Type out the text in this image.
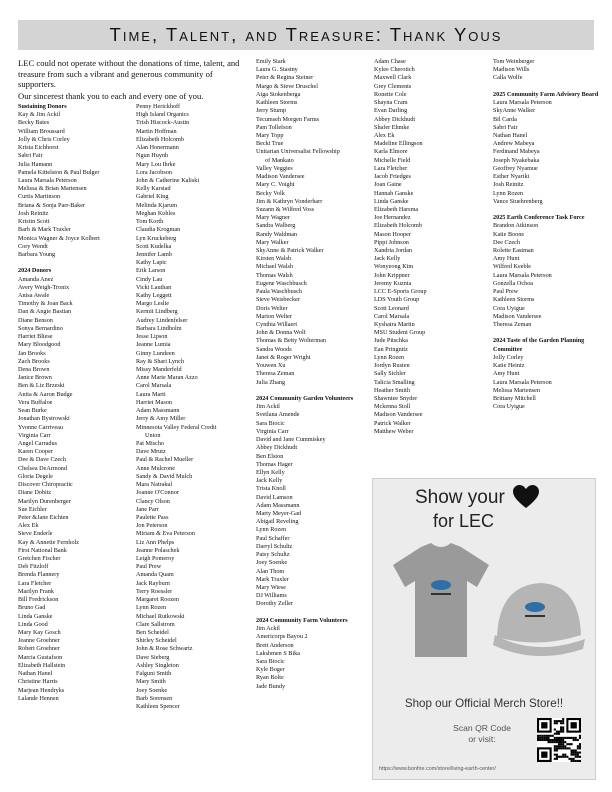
Time, Talent, and Treasure: Thank Yous

LEC could not operate without the donations of time, talent, and treasure from such a vibrant and generous community of supporters.

Our sincerest thank you to each and every one of you.

Sustaining Donors
Kay & Jim Ackil
Becky Bates
William Broussard
Jolly & Chris Corley
Krista Eichhorst
Sabri Fair
Julia Hamann
Pamela Kittelston & Paul Bulger
Laura Marsala Peterson
Melissa & Brian Martensen
Curtis Martinson
Briana & Sonja Parr-Baker
Josh Reinitz
Kristin Scott
Barb & Mark Traxler
Monica Wagner & Joyce Kolbert
Cory Wendt
Barbara Young
2024 Donors
Amanda Anez
Avery Weigh-Tronix
Anisa Awale
Timothy & Joan Back
Dan & Angie Bastian
Diane Benson
Sonya Bernardino
Harriet Bliese
Mary Bloodgood
Jan Brooks
Zach Brooks
Dena Brown
Janice Brown
Ben & Liz Brzeski
Anita & Aaron Budge
Vera Buffaloe
Sean Burke
Jonathan Bystrowski
Yvonne Carriveau
Virginia Carr
Angel Carradus
Karen Cooper
Dee & Dave Czech
Chelsea DeArmond
Gloria Degele
Discover Chiropractic
Diane Dobitz
Marilyn Durenberger
Sue Eichler
Peter &Jane Eichten
Alex Ek
Steve Enderle
Kay & Annette Fernholz
First National Bank
Gretchen Fischer
Deb Fitzloff
Brenda Flannery
Lara Fletcher
Marilyn Frank
Bill Fredrickson
Bruno Gad
Linda Ganske
Linda Good
Mary Kay Gosch
Jeanne Groehner
Robert Groehner
Marcia Gustafson
Elizabeth Hallstein
Nathan Hanel
Christine Harris
Marjean Hendryks
Lalande Hennen
Penny Herickhoff
High Island Organics
Trish Hiscock-Austin
Martin Hoffman
Elizabeth Holcomb
Alan Honermann
Ngun Huynh
Mary Lou Ihrke
Lora Jacobson
John & Catherine Kaliski
Kelly Karstad
Gabriel King
Melinda Kjarum
Meghan Kohles
Tom Korth
Claudia Krogman
Lyn Kruckeberg
Scott Kudelka
Jennifer Lamb
Kathy Lapic
Erik Larson
Cindy Lau
Vicki Lauthan
Kathy Leggett
Margo Leslie
Kermit Lindberg
Audrey Lindenfelser
Barbara Lindholm
Jesse Lipson
Jeanne Lumia
Ginny Lundeen
Ray & Shari Lynch
Missy Manderfeld
Anne Marie Maran Azzo
Carol Marsala
Laura Marti
Harriet Mason
Adam Massmann
Jerry & Amy Miller
Minnesota Valley Federal Credit
Union
Pat Mischo
Dave Mrutz
Paul & Rachel Mueller
Anne Mulcrone
Sandy & David Mulch
Mara Natrakul
Joanne O'Connor
Clancy Olson
Jane Parr
Paulette Pass
Jon Peterson
Miriam & Eva Peterson
Liz Ann Phelps
Jeanne Polaschek
Leigh Pomeroy
Paul Prew
Amanda Quam
Jack Rayburn
Terry Roessler
Margaret Roozen
Lynn Rozen
Michael Rutkowski
Clare Sallstrom
Ben Scheidel
Shirley Scheidel
John & Rose Schwartz
Dave Sieberg
Ashley Singleton
Falguni Smith
Mary Smith
Joey Soenke
Barb Sorensen
Kathleen Spencer
Emily Stark
Laura G. Stastny
Peter & Regina Steiner
Margo & Steve Druschel
Aiga Stokenberga
Kathleen Storms
Jerry Stump
Tecumseh Morgen Farms
Pam Tollefson
Mary Topp
Becki True
Unitarian Universalist Fellowship
of Mankato
Valley Veggies
Madison Vandersee
Mary C. Voight
Becky Volk
Jim & Kathryn Vonderharr
Suzann & Wilfred Voss
Mary Wagner
Sandra Walberg
Randy Waldman
Mary Walker
SkyAnne & Patrick Walker
Kirsten Walsh
Michael Walsh
Thomas Walsh
Eugene Waschbusch
Paula Waschbusch
Steve Weisbecker
Doris Welter
Marion Welter
Cynthia Willaert
John & Donna Wolf
Thomas & Betty Wolterman
Sandra Woods
Janet & Roger Wright
Youwen Xu
Theresa Zeman
Julia Zhang
2024 Community Garden Volunteers
Jim Ackil
Svetlana Amende
Sara Biocic
Virginia Carr
David and Jane Cummiskey
Abbey Dickhudt
Ben Elston
Thomas Hager
Ellyn Kelly
Jack Kelly
Trista Knoll
David Lamson
Adam Massmann
Marty Meyer-Gad
Abigail Reveling
Lynn Rozen
Paul Schaffer
Darryl Schultz
Patsy Schultz
Joey Soenke
Alan Thom
Mark Traxler
Mary Wiese
DJ Williams
Dorothy Zeller
2024 Community Farm Volunteers
Jim Ackil
Americorps Bayou 2
Brett Anderson
Lakshmen S Bika
Sara Biocic
Kyle Boger
Ryan Bolte
Jade Bundy
Adam Chase
Kylee Cherotich
Maxwell Clark
Grey Clements
Ronette Cole
Shayna Cram
Evan Darling
Abbey Dickhudt
Shafer Ehmke
Alex Ek
Madeline Ellingson
Karla Elmore
Michelle Field
Lara Fletcher
Jacob Friedges
Joan Gaine
Hannah Ganske
Linda Ganske
Elizabeth Harsma
Joe Hernandez
Elizabeth Holcomb
Mason Hooper
Pippi Johnson
Xandria Jordan
Jack Kelly
Wonyeong Kim
John Krippner
Jeremy Kuznia
LCC E-Sports Group
LDS Youth Group
Scott Leonard
Carol Marsala
Kyshaira Martin
MSU Student Group
Jude Pitschka
Ean Pringnitz
Lynn Rozen
Jordyn Rusten
Sally Sichler
Talicia Smalling
Heather Smith
Shawntee Snyder
Mckenna Stoll
Madison Vandersee
Patrick Walker
Matthew Weber
Tom Weinberger
Madison Wills
Calla Wolfe
2025 Community Farm Advisory Board
Laura Marsala Peterson
SkyAnne Walker
Bil Carda
Sabri Fair
Nathan Hanel
Andrew Mabeya
Ferdinand Mabeya
Joseph Nyakebaka
Geoffrey Nyamue
Esther Nyariki
Josh Reinitz
Lynn Rozen
Vance Stuehrenberg
2025 Earth Conference Task Force
Brandon Atkinson
Katie Boone
Dee Czech
Rolette Eastman
Amy Hunt
Wilfred Keeble
Laura Marsala Peterson
Gonzella Ochoa
Paul Prew
Kathleen Storms
Cora Uyigue
Madison Vandersee
Theresa Zeman
2024 Taste of the Garden Planning Committee
Jolly Corley
Katie Heintz
Amy Hunt
Laura Marsala Peterson
Melissa Martensen
Brittany Mitchell
Cora Uyigue
Show your
for LEC
Shop our Official Merch Store!!
Scan QR Code
or visit:
https://www.bonfire.com/store/living-earth-center/
